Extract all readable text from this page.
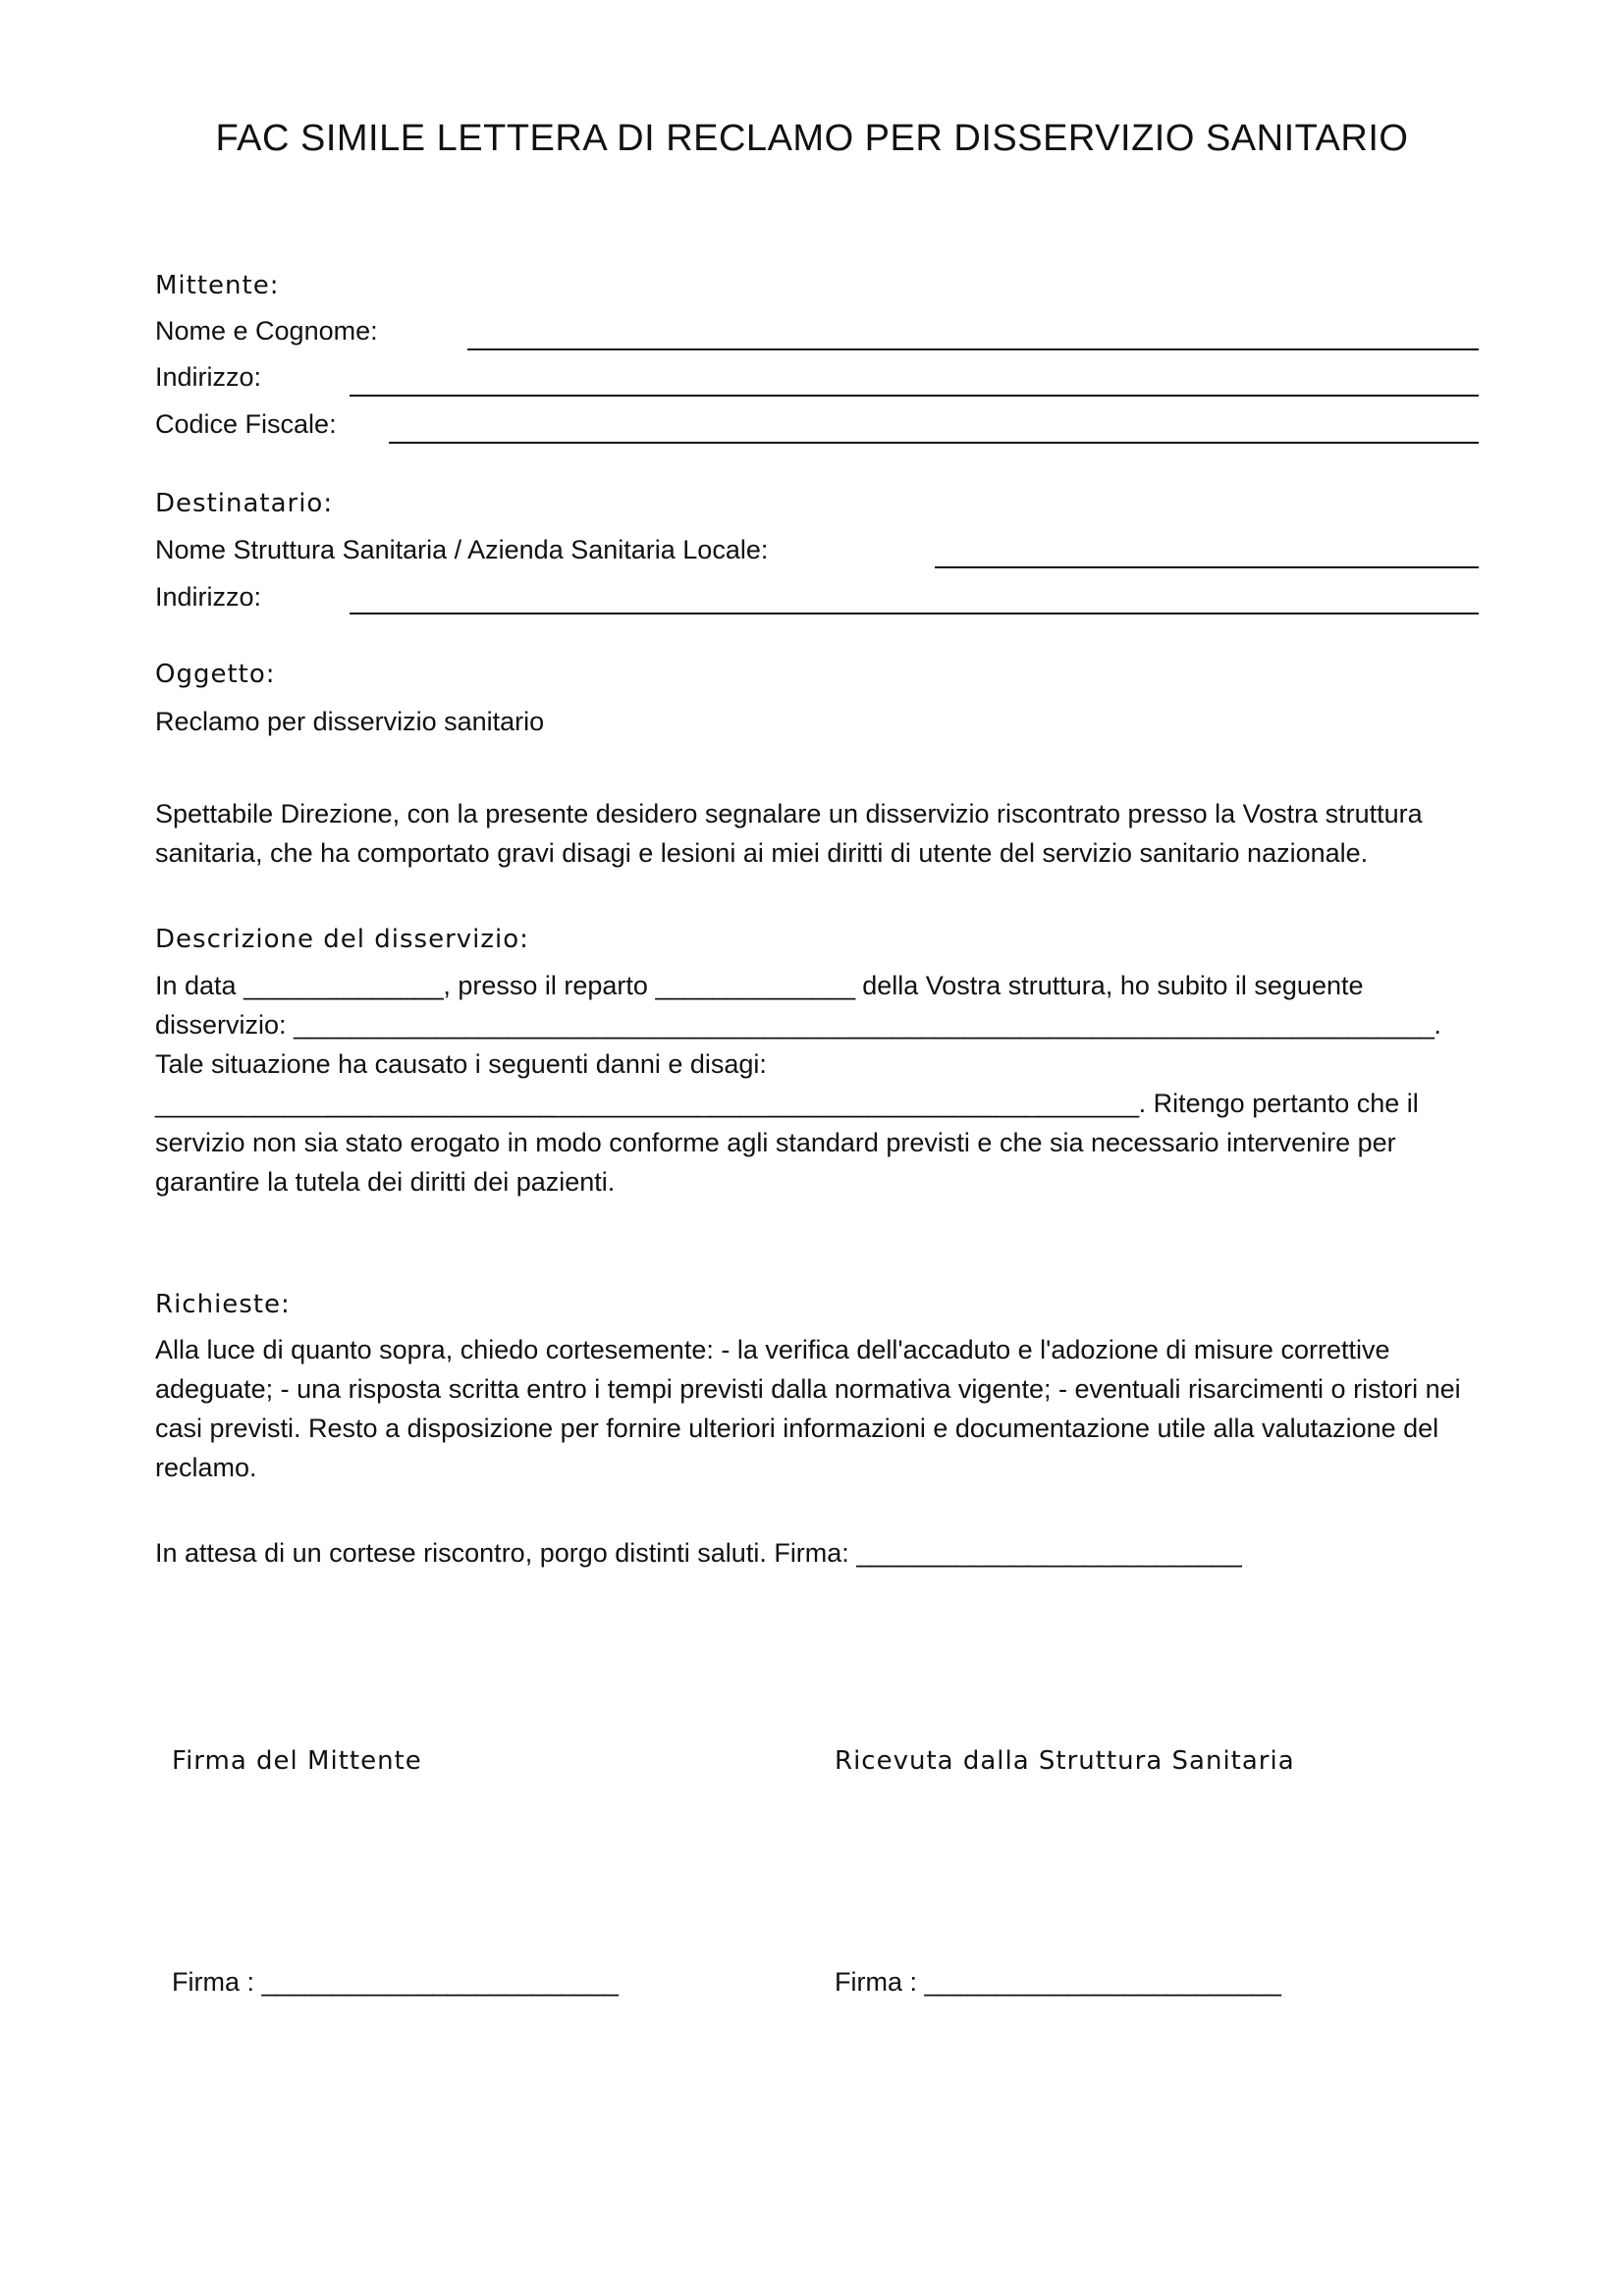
FAC SIMILE LETTERA DI RECLAMO PER DISSERVIZIO SANITARIO
Mittente:
Nome e Cognome:
Indirizzo:
Codice Fiscale:
Destinatario:
Nome Struttura Sanitaria / Azienda Sanitaria Locale:
Indirizzo:
Oggetto:
Reclamo per disservizio sanitario
Spettabile Direzione, con la presente desidero segnalare un disservizio riscontrato presso la Vostra struttura sanitaria, che ha comportato gravi disagi e lesioni ai miei diritti di utente del servizio sanitario nazionale.
Descrizione del disservizio:
In data ______________, presso il reparto ______________ della Vostra struttura, ho subito il seguente disservizio: ________________________________________________________________________________. Tale situazione ha causato i seguenti danni e disagi: _____________________________________________________________________. Ritengo pertanto che il servizio non sia stato erogato in modo conforme agli standard previsti e che sia necessario intervenire per garantire la tutela dei diritti dei pazienti.
Richieste:
Alla luce di quanto sopra, chiedo cortesemente: - la verifica dell'accaduto e l'adozione di misure correttive adeguate; - una risposta scritta entro i tempi previsti dalla normativa vigente; - eventuali risarcimenti o ristori nei casi previsti. Resto a disposizione per fornire ulteriori informazioni e documentazione utile alla valutazione del reclamo.
In attesa di un cortese riscontro, porgo distinti saluti. Firma: ___________________________
Firma del Mittente	Ricevuta dalla Struttura Sanitaria
Firma : _________________________	Firma : _________________________
